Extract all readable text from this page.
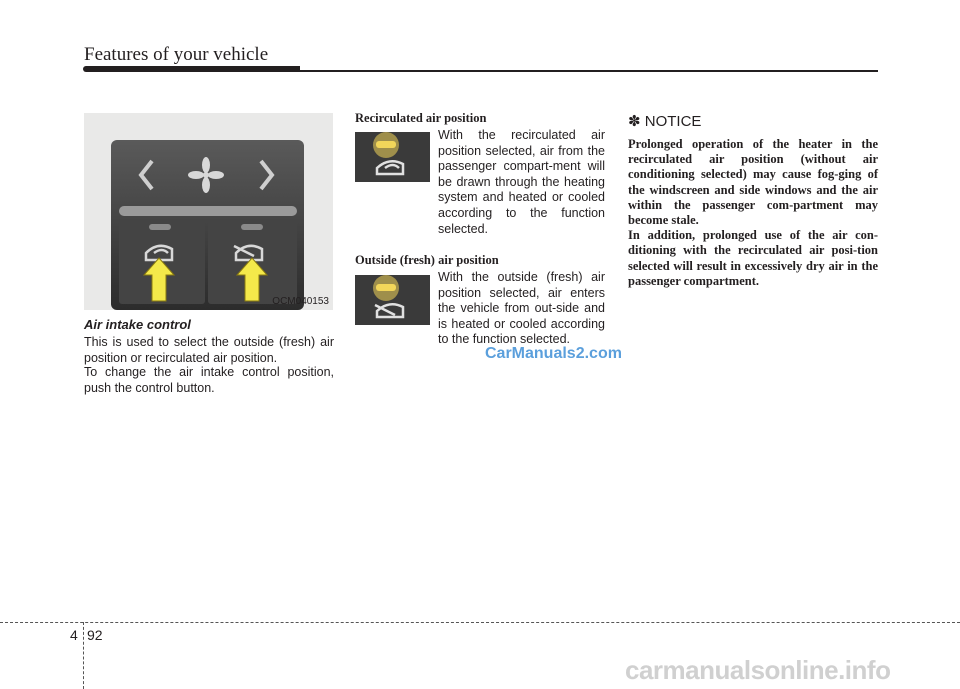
Features of your vehicle
OCM040153
Air intake control

This is used to select the outside (fresh) air position or recirculated air position.

To change the air intake control position, push the control button.

Recirculated air position

With the recirculated air position selected, air from the passenger compart-ment will be drawn through the heating system and heated or cooled according to the function selected.

Outside (fresh) air position

With the outside (fresh) air position selected, air enters the vehicle from out-side and is heated or cooled according to the function selected.

✽ NOTICE

Prolonged operation of the heater in the recirculated air position (without air conditioning selected) may cause fog-ging of the windscreen and side windows and the air within the passenger com-partment may become stale.

In addition, prolonged use of the air con-ditioning with the recirculated air posi-tion selected will result in excessively dry air in the passenger compartment.

CarManuals2.com
4 92
carmanualsonline.info
